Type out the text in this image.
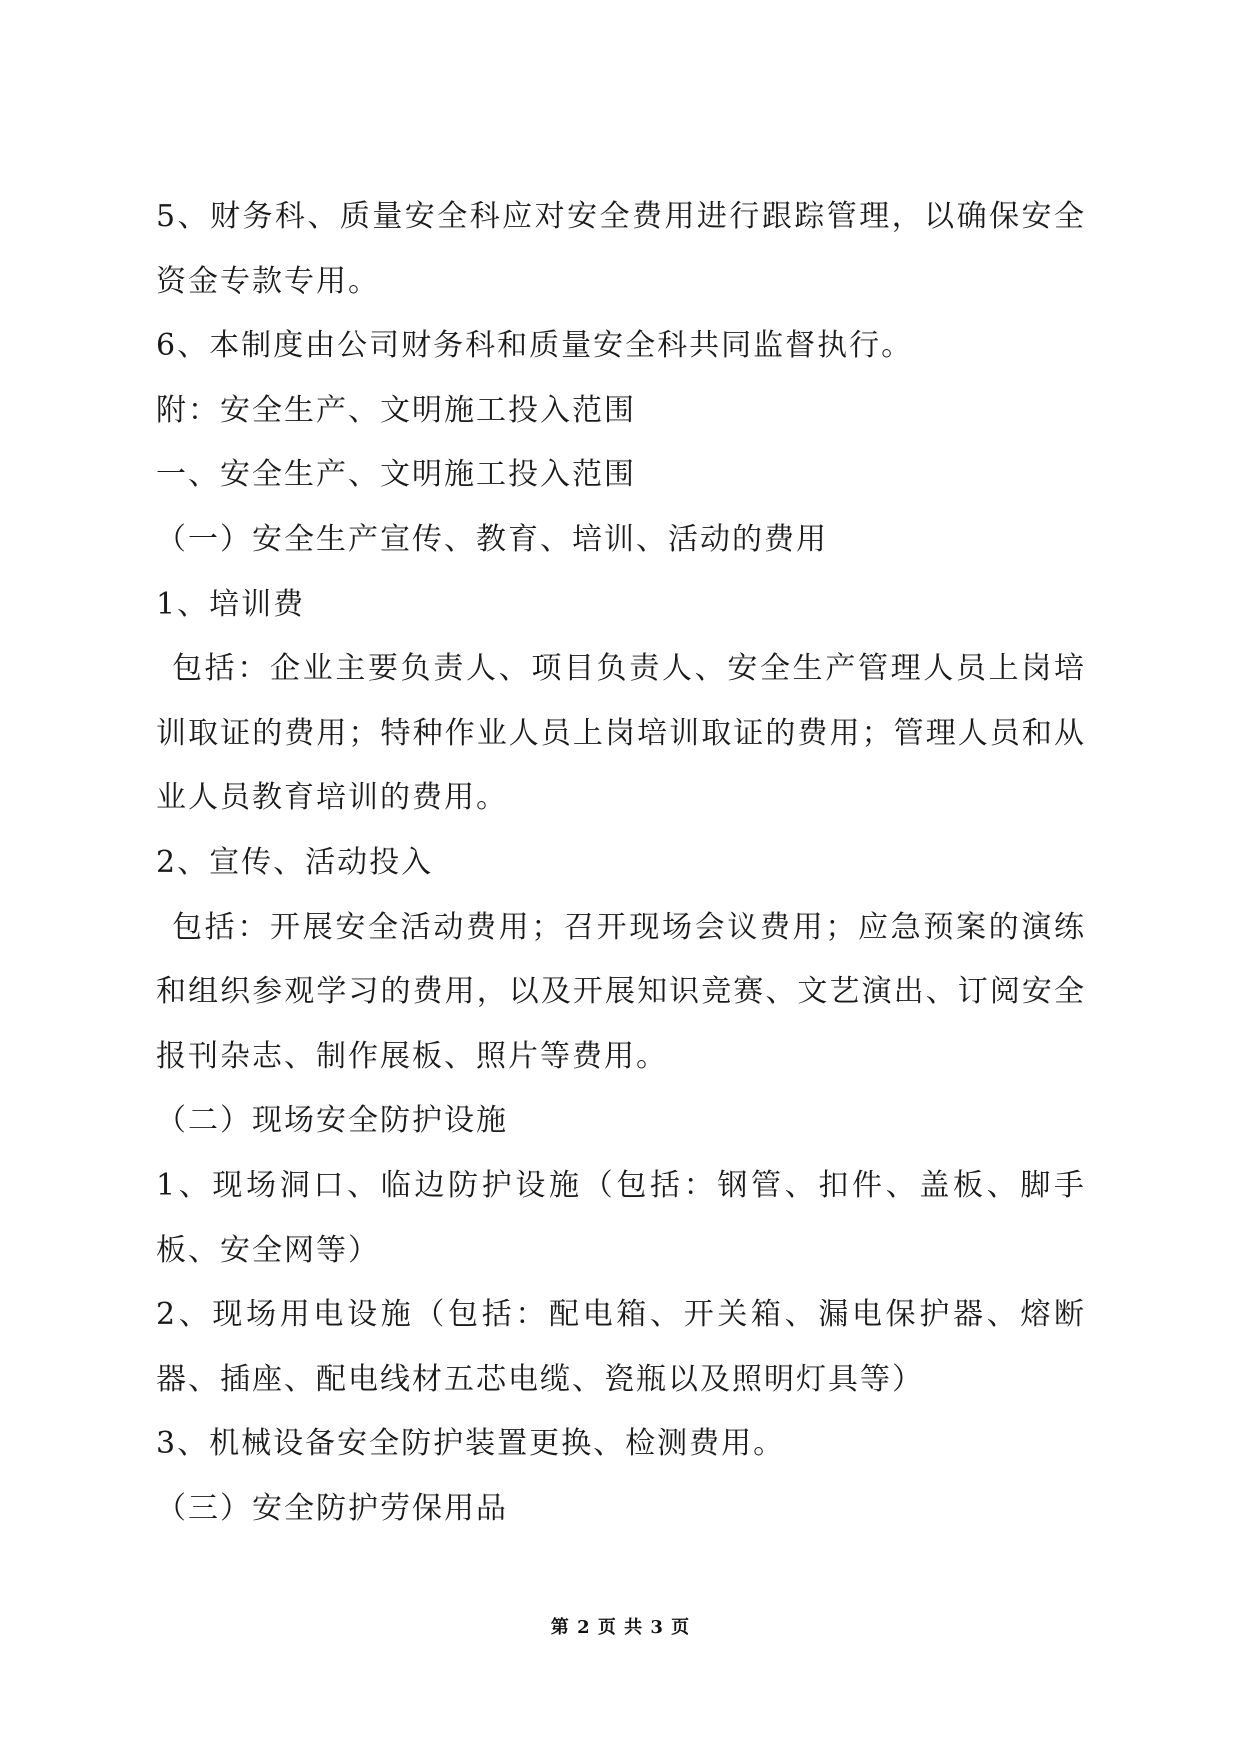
5、财务科、质量安全科应对安全费用进行跟踪管理，以确保安全资金专款专用。

6、本制度由公司财务科和质量安全科共同监督执行。

附：安全生产、文明施工投入范围

一、安全生产、文明施工投入范围

（一）安全生产宣传、教育、培训、活动的费用

1、培训费

包括：企业主要负责人、项目负责人、安全生产管理人员上岗培训取证的费用；特种作业人员上岗培训取证的费用；管理人员和从业人员教育培训的费用。

2、宣传、活动投入

包括：开展安全活动费用；召开现场会议费用；应急预案的演练和组织参观学习的费用，以及开展知识竞赛、文艺演出、订阅安全报刊杂志、制作展板、照片等费用。

（二）现场安全防护设施

1、现场洞口、临边防护设施（包括：钢管、扣件、盖板、脚手板、安全网等）

2、现场用电设施（包括：配电箱、开关箱、漏电保护器、熔断器、插座、配电线材五芯电缆、瓷瓶以及照明灯具等）

3、机械设备安全防护装置更换、检测费用。

（三）安全防护劳保用品

第 2 页 共 3 页
